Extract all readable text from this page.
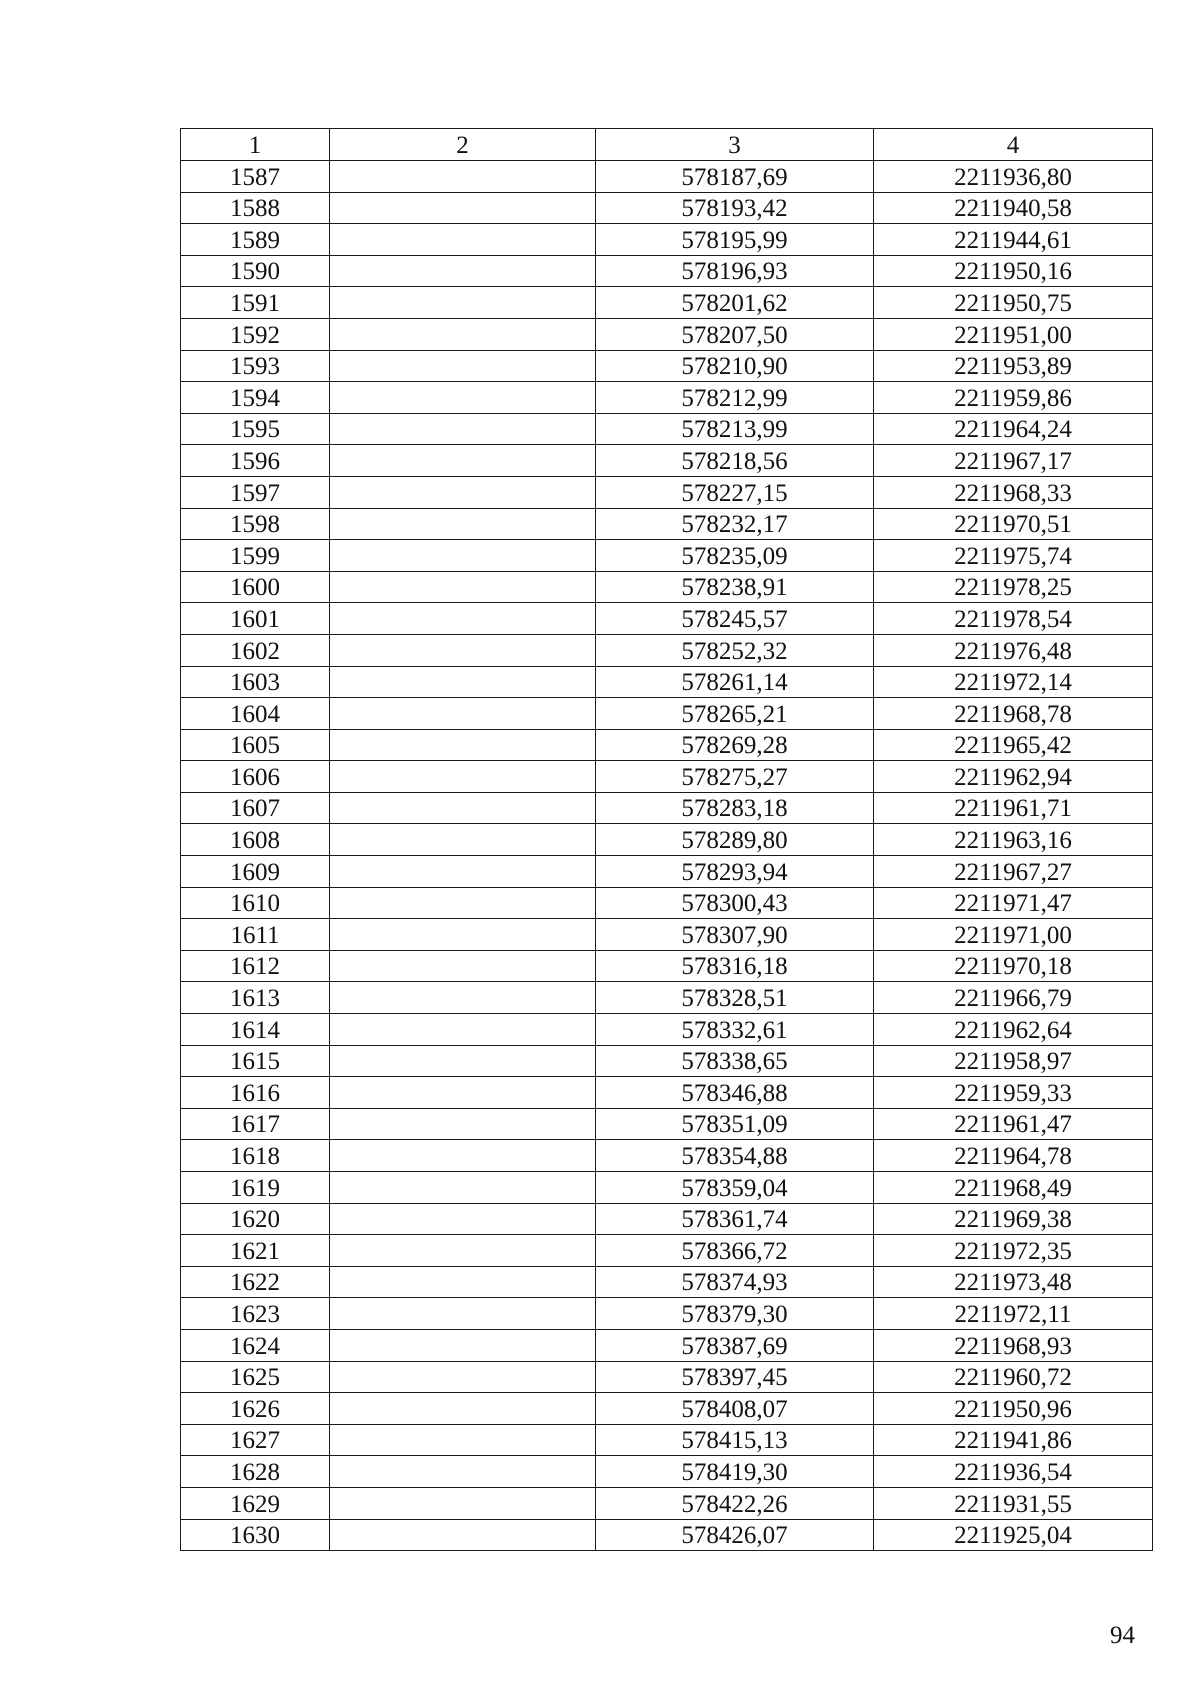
1	2	3	4
1587		578187,69	2211936,80
1588		578193,42	2211940,58
1589		578195,99	2211944,61
1590		578196,93	2211950,16
1591		578201,62	2211950,75
1592		578207,50	2211951,00
1593		578210,90	2211953,89
1594		578212,99	2211959,86
1595		578213,99	2211964,24
1596		578218,56	2211967,17
1597		578227,15	2211968,33
1598		578232,17	2211970,51
1599		578235,09	2211975,74
1600		578238,91	2211978,25
1601		578245,57	2211978,54
1602		578252,32	2211976,48
1603		578261,14	2211972,14
1604		578265,21	2211968,78
1605		578269,28	2211965,42
1606		578275,27	2211962,94
1607		578283,18	2211961,71
1608		578289,80	2211963,16
1609		578293,94	2211967,27
1610		578300,43	2211971,47
1611		578307,90	2211971,00
1612		578316,18	2211970,18
1613		578328,51	2211966,79
1614		578332,61	2211962,64
1615		578338,65	2211958,97
1616		578346,88	2211959,33
1617		578351,09	2211961,47
1618		578354,88	2211964,78
1619		578359,04	2211968,49
1620		578361,74	2211969,38
1621		578366,72	2211972,35
1622		578374,93	2211973,48
1623		578379,30	2211972,11
1624		578387,69	2211968,93
1625		578397,45	2211960,72
1626		578408,07	2211950,96
1627		578415,13	2211941,86
1628		578419,30	2211936,54
1629		578422,26	2211931,55
1630		578426,07	2211925,04
94
